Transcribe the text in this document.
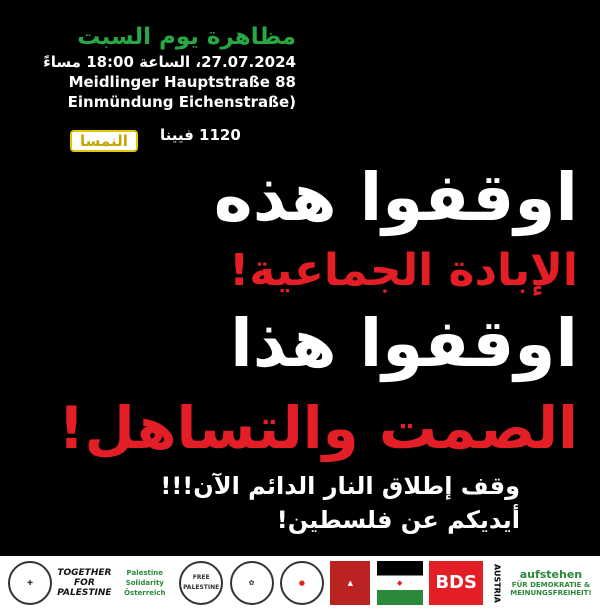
مظاهرة يوم السبت
27.07.2024، الساعة 18:00 مساءً
Meidlinger Hauptstraße 88
Einmündung Eichenstraße)
النمسا	1120 فيينا
اوقفوا هذه
الإبادة الجماعية!
اوقفوا هذا
الصمت والتساهل!
وقف إطلاق النار الدائم الآن!!!
أيديكم عن فلسطين!
✚
TOGETHER FOR PALESTINE
Palestine Solidarity Österreich
FREE PALESTINE
✿	●	▲	◆	BDS	AUSTRIA	aufstehen
FÜR DEMOKRATIE & MEINUNGSFREIHEIT!
